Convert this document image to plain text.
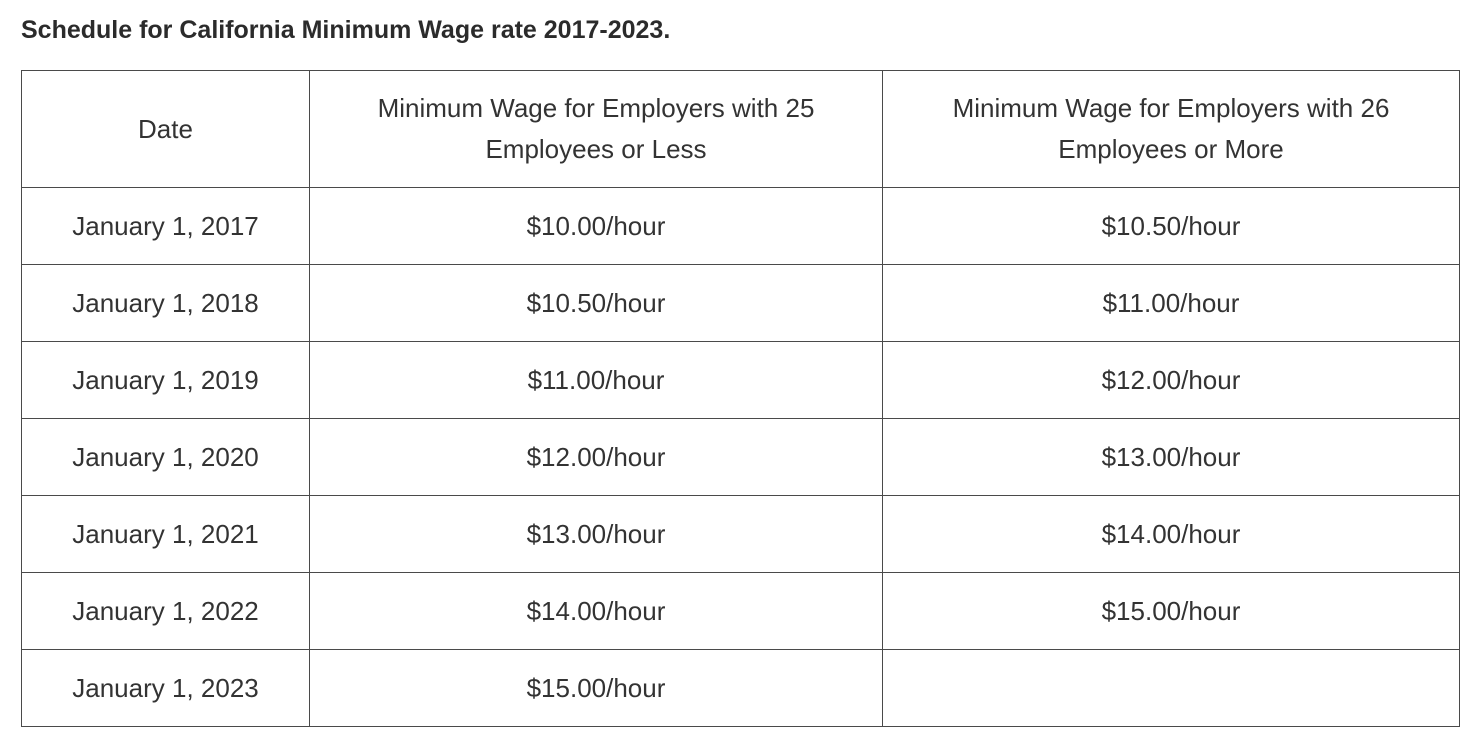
Schedule for California Minimum Wage rate 2017-2023.
Date	Minimum Wage for Employers with 25 Employees or Less	Minimum Wage for Employers with 26 Employees or More
January 1, 2017	$10.00/hour	$10.50/hour
January 1, 2018	$10.50/hour	$11.00/hour
January 1, 2019	$11.00/hour	$12.00/hour
January 1, 2020	$12.00/hour	$13.00/hour
January 1, 2021	$13.00/hour	$14.00/hour
January 1, 2022	$14.00/hour	$15.00/hour
January 1, 2023	$15.00/hour	
